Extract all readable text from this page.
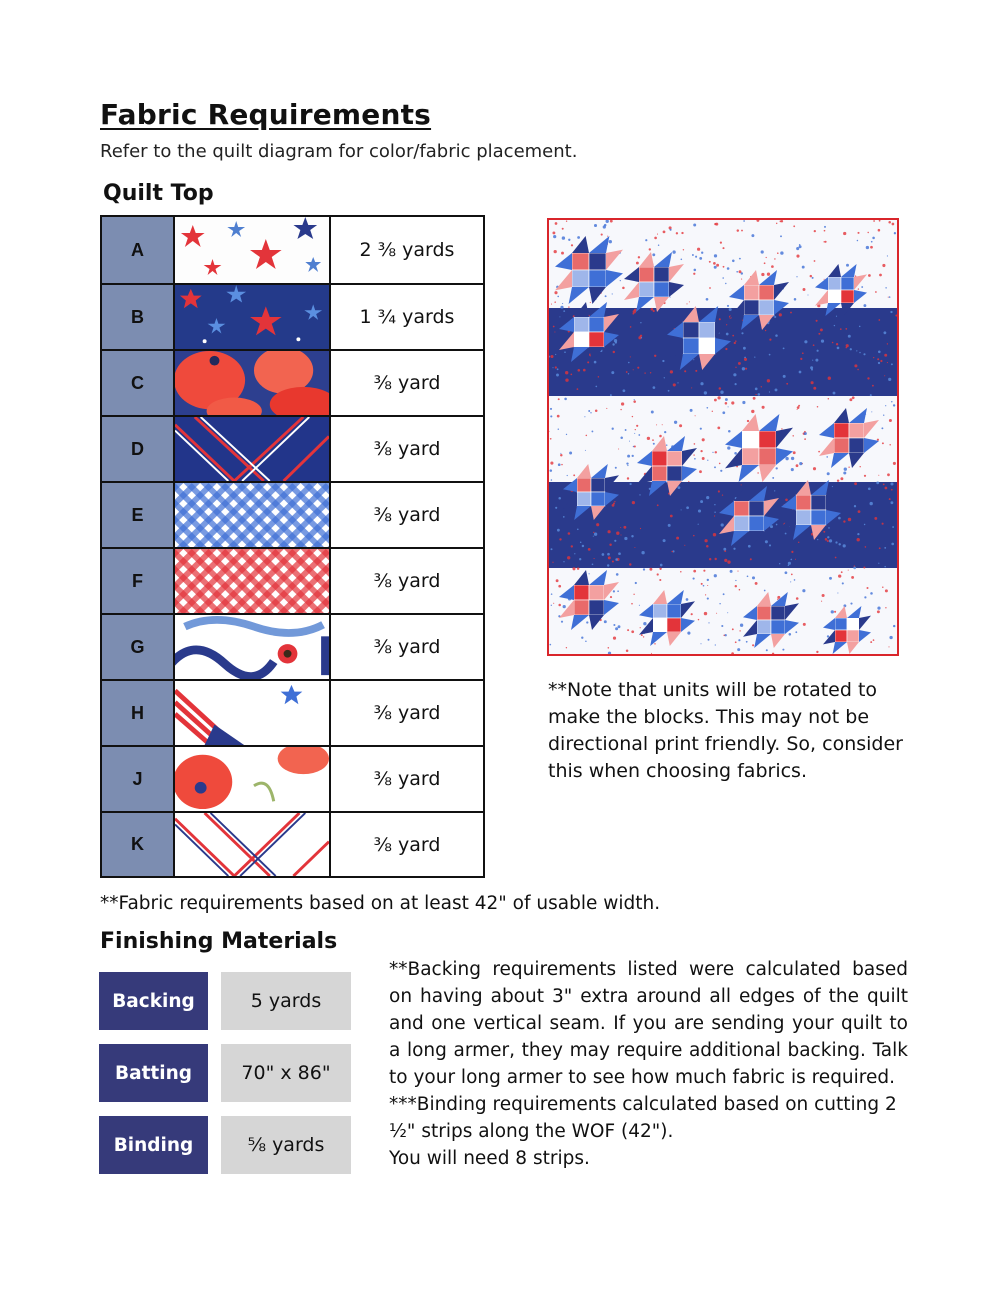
Fabric Requirements
Refer to the quilt diagram for color/fabric placement.
Quilt Top
A	2 ⅜ yards
B	1 ¾ yards
C	⅜ yard
D	⅜ yard
E	⅜ yard
F	⅜ yard
G	⅜ yard
H	⅜ yard
J	⅜ yard
K	⅜ yard
**Note that units will be rotated to make the blocks. This may not be directional print friendly. So, consider this when choosing fabrics.
**Fabric requirements based on at least 42" of usable width.
Finishing Materials
Backing	5 yards
Batting	70" x 86"
Binding	⅝ yards

**Backing requirements listed were calculated based on having about 3" extra around all edges of the quilt and one vertical seam. If you are sending your quilt to a long armer, they may require additional backing. Talk to your long armer to see how much fabric is required.

***Binding requirements calculated based on cutting 2 ½" strips along the WOF (42").

You will need 8 strips.
